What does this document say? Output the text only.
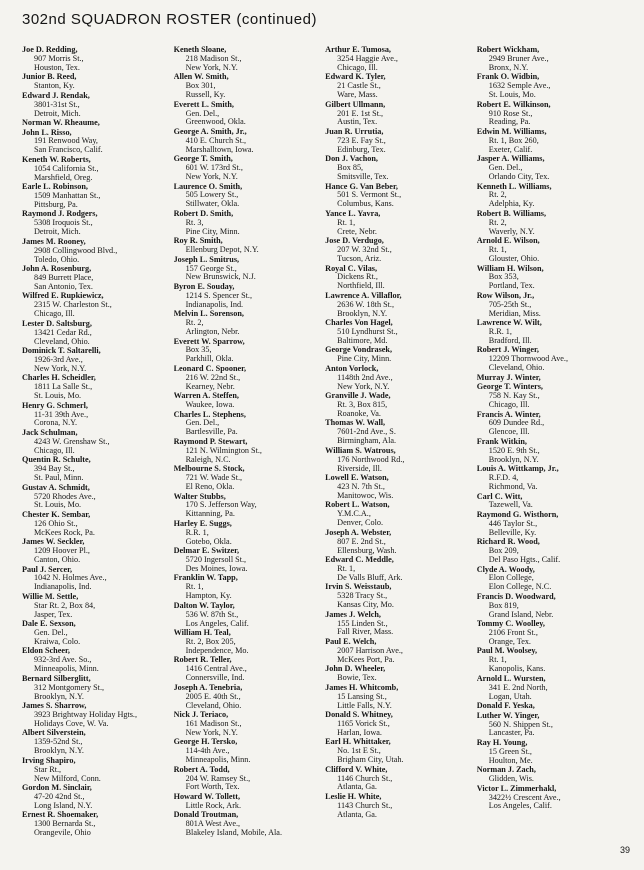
302nd SQUADRON ROSTER (continued)
Joe D. Redding,
907 Morris St.,
Houston, Tex.
Junior B. Reed,
Stanton, Ky.
Edward J. Rendak,
3801-31st St.,
Detroit, Mich.
Norman W. Rheaume,
John L. Risso,
191 Renwood Way,
San Francisco, Calif.
Keneth W. Roberts,
1054 California St.,
Marshfield, Oreg.
Earle L. Robinson,
1509 Manhattan St.,
Pittsburg, Pa.
Raymond J. Rodgers,
5308 Iroquois St.,
Detroit, Mich.
James M. Rooney,
2908 Collingwood Blvd.,
Toledo, Ohio.
John A. Rosenburg,
849 Burrett Place,
San Antonio, Tex.
Wilfred E. Rupkiewicz,
2315 W. Charleston St.,
Chicago, Ill.
Lester D. Saltsburg,
13421 Cedar Rd.,
Cleveland, Ohio.
Dominick T. Saltarelli,
1926-3rd Ave.,
New York, N.Y.
Charles H. Scheidler,
1811 La Salle St.,
St. Louis, Mo.
Henry G. Schmerl,
11-31 39th Ave.,
Corona, N.Y.
Jack Schulman,
4243 W. Grenshaw St.,
Chicago, Ill.
Quentin R. Schulte,
394 Bay St.,
St. Paul, Minn.
Gustav A. Schmidt,
5720 Rhodes Ave.,
St. Louis, Mo.
Chester K. Sembar,
126 Ohio St.,
McKees Rock, Pa.
James W. Seckler,
1209 Hoover Pl.,
Canton, Ohio.
Paul J. Sercer,
1042 N. Holmes Ave.,
Indianapolis, Ind.
Willie M. Settle,
Star Rt. 2, Box 84,
Jasper, Tex.
Dale E. Sexson,
Gen. Del.,
Kraiwa, Colo.
Eldon Scheer,
932-3rd Ave. So.,
Minneapolis, Minn.
Bernard Silberglitt,
312 Montgomery St.,
Brooklyn, N.Y.
James S. Sharrow,
3923 Brightway Holiday Hgts.,
Holidays Cove, W. Va.
Albert Silverstein,
1359-52nd St.,
Brooklyn, N.Y.
Irving Shapiro,
Star Rt.,
New Milford, Conn.
Gordon M. Sinclair,
47-20 42nd St.,
Long Island, N.Y.
Ernest R. Shoemaker,
1300 Bernarda St.,
Orangevile, Ohio
Keneth Sloane,
218 Madison St.,
New York, N.Y.
Allen W. Smith,
Box 301,
Russell, Ky.
Everett L. Smith,
Gen. Del.,
Greenwood, Okla.
George A. Smith, Jr.,
410 E. Church St.,
Marshalltown, Iowa.
George T. Smith,
601 W. 173rd St.,
New York, N.Y.
Laurence O. Smith,
505 Lowery St.,
Stillwater, Okla.
Robert D. Smith,
Rt. 3,
Pine City, Minn.
Roy R. Smith,
Ellenburg Depot, N.Y.
Joseph L. Smitrus,
157 George St.,
New Brunswick, N.J.
Byron E. Souday,
1214 S. Spencer St.,
Indianapolis, Ind.
Melvin L. Sorenson,
Rt. 2,
Arlington, Nebr.
Everett W. Sparrow,
Box 35,
Parkhill, Okla.
Leonard C. Spooner,
216 W. 22nd St.,
Kearney, Nebr.
Warren A. Steffen,
Waukee, Iowa.
Charles L. Stephens,
Gen. Del.,
Bartlesville, Pa.
Raymond P. Stewart,
121 N. Wilmington St.,
Raleigh, N.C.
Melbourne S. Stock,
721 W. Wade St.,
El Reno, Okla.
Walter Stubbs,
170 S. Jefferson Way,
Kittanning, Pa.
Harley E. Suggs,
R.R. 1,
Gotebo, Okla.
Delmar E. Switzer,
5720 Ingersoll St.,
Des Moines, Iowa.
Franklin W. Tapp,
Rt. 1,
Hampton, Ky.
Dalton W. Taylor,
536 W. 87th St.,
Los Angeles, Calif.
William H. Teal,
Rt. 2, Box 205,
Independence, Mo.
Robert R. Teller,
1416 Central Ave.,
Connersville, Ind.
Joseph A. Tenebria,
2005 E. 40th St.,
Cleveland, Ohio.
Nick J. Teriaco,
161 Madison St.,
New York, N.Y.
George H. Tersko,
114-4th Ave.,
Minneapolis, Minn.
Robert A. Todd,
204 W. Ramsey St.,
Fort Worth, Tex.
Howard W. Tollett,
Little Rock, Ark.
Donald Troutman,
801A West Ave.,
Blakeley Island, Mobile, Ala.
Arthur E. Tumosa,
3254 Haggie Ave.,
Chicago, Ill.
Edward K. Tyler,
21 Castle St.,
Ware, Mass.
Gilbert Ullmann,
201 E. 1st St.,
Austin, Tex.
Juan R. Urrutia,
723 E. Fay St.,
Edinburg, Tex.
Don J. Vachon,
Box 85,
Smitsville, Tex.
Hance G. Van Beber,
501 S. Vermont St.,
Columbus, Kans.
Yance L. Yavra,
Rt. 1,
Crete, Nebr.
Jose D. Verdugo,
207 W. 32nd St.,
Tucson, Ariz.
Royal C. Vilas,
Dickens Rt.,
Northfield, Ill.
Lawrence A. Villaflor,
2636 W. 18th St.,
Brooklyn, N.Y.
Charles Von Hagel,
510 Lyndhurst St.,
Baltimore, Md.
George Vondrasek,
Pine City, Minn.
Anton Vorlock,
1148th 2nd Ave.,
New York, N.Y.
Granville J. Wade,
Rt. 3, Box 815,
Roanoke, Va.
Thomas W. Wall,
7601-2nd Ave., S.
Birmingham, Ala.
William S. Watrous,
176 Northwood Rd.,
Riverside, Ill.
Lowell E. Watson,
423 N. 7th St.,
Manitowoc, Wis.
Robert L. Watson,
Y.M.C.A.,
Denver, Colo.
Joseph A. Webster,
807 E. 2nd St.,
Ellensburg, Wash.
Edward C. Meddle,
Rt. 1,
De Valls Bluff, Ark.
Irvin S. Weisstaub,
5328 Tracy St.,
Kansas City, Mo.
James J. Welch,
155 Linden St.,
Fall River, Mass.
Paul E. Welch,
2007 Harrison Ave.,
McKees Port, Pa.
John D. Wheeler,
Bowie, Tex.
James H. Whitcomb,
15 Lansing St.,
Little Falls, N.Y.
Donald S. Whitney,
1165 Vorick St.,
Harlan, Iowa.
Earl H. Whittaker,
No. 1st E St.,
Brigham City, Utah.
Clifford V. White,
1146 Church St.,
Atlanta, Ga.
Leslie H. White,
1143 Church St.,
Atlanta, Ga.
Robert Wickham,
2949 Bruner Ave.,
Bronx, N.Y.
Frank O. Widbin,
1632 Semple Ave.,
St. Louis, Mo.
Robert E. Wilkinson,
910 Rose St.,
Reading, Pa.
Edwin M. Williams,
Rt. 1, Box 260,
Exeter, Calif.
Jasper A. Williams,
Gen. Del.,
Orlando City, Tex.
Kenneth L. Williams,
Rt. 2,
Adelphia, Ky.
Robert B. Williams,
Rt. 2,
Waverly, N.Y.
Arnold E. Wilson,
Rt. 1,
Glouster, Ohio.
William H. Wilson,
Box 353,
Portland, Tex.
Row Wilson, Jr.,
705-25th St.,
Meridian, Miss.
Lawrence W. Wilt,
R.R. 1,
Bradford, Ill.
Robert J. Winger,
12209 Thornwood Ave.,
Cleveland, Ohio.
Murray J. Winter,
George T. Winters,
758 N. Kay St.,
Chicago, Ill.
Francis A. Winter,
609 Dundee Rd.,
Glencoe, Ill.
Frank Witkin,
1520 E. 9th St.,
Brooklyn, N.Y.
Louis A. Wittkamp, Jr.,
R.F.D. 4,
Richmond, Va.
Carl C. Witt,
Tazewell, Va.
Raymond G. Wisthorn,
446 Taylor St.,
Belleville, Ky.
Richard R. Wood,
Box 209,
Del Paso Hgts., Calif.
Clyde A. Woody,
Elon College,
Elon College, N.C.
Francis D. Woodward,
Box 819,
Grand Island, Nebr.
Tommy C. Woolley,
2106 Front St.,
Orange, Tex.
Paul M. Woolsey,
Rt. 1,
Kanopolis, Kans.
Arnold L. Wursten,
341 E. 2nd North,
Logan, Utah.
Donald F. Yeska,
Luther W. Yinger,
560 N. Shippen St.,
Lancaster, Pa.
Ray H. Young,
15 Green St.,
Houlton, Me.
Norman J. Zach,
Glidden, Wis.
Victor L. Zimmerhakl,
3422½ Crescent Ave.,
Los Angeles, Calif.
39
